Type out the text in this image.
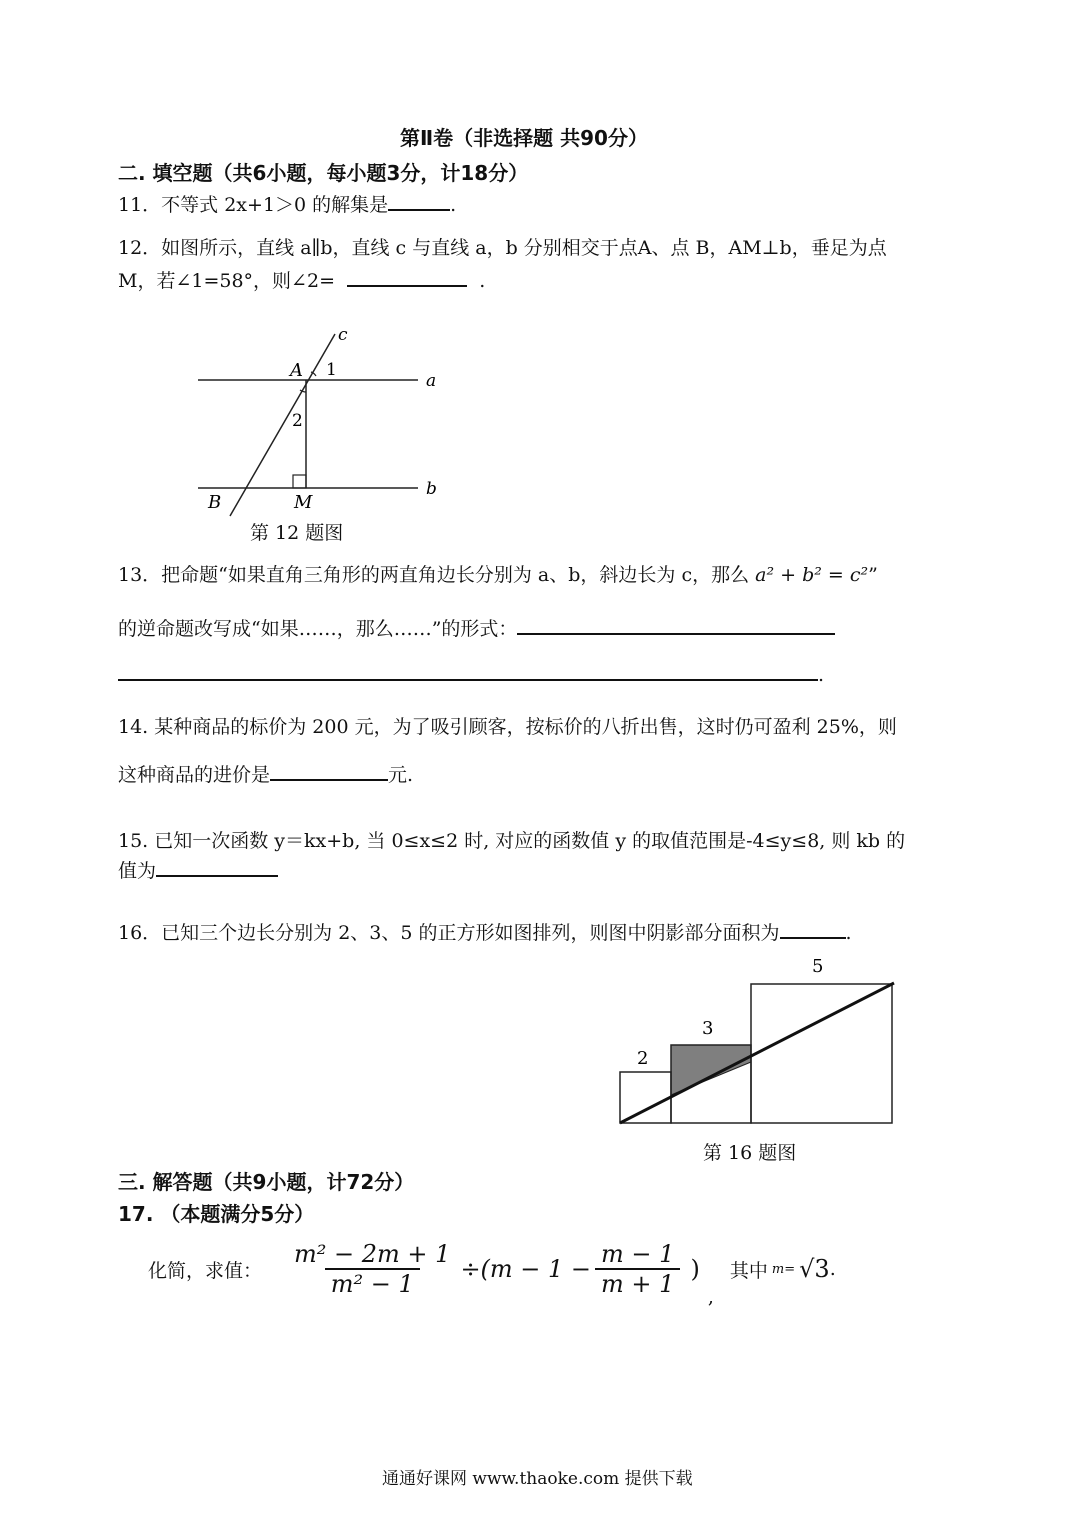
第Ⅱ卷（非选择题 共90分）
二. 填空题（共6小题，每小题3分，计18分）
11．不等式 2x+1＞0 的解集是	.
12．如图所示，直线 a∥b，直线 c 与直线 a，b 分别相交于点A、点 B，AM⊥b，垂足为点
M，若∠1=58°，则∠2=	.
c
A 1
a
2
B	M
b
第 12 题图
13．把命题“如果直角三角形的两直角边长分别为 a、b，斜边长为 c，那么 a² + b² = c²”
的逆命题改写成“如果……，那么……”的形式：
.
14. 某种商品的标价为 200 元，为了吸引顾客，按标价的八折出售，这时仍可盈利 25%，则
这种商品的进价是	元.
15. 已知一次函数 y＝kx+b, 当 0≤x≤2 时, 对应的函数值 y 的取值范围是-4≤y≤8, 则 kb 的
值为
16．已知三个边长分别为 2、3、5 的正方形如图排列，则图中阴影部分面积为	.
2
3
5
第 16 题图
三. 解答题（共9小题，计72分）
17. （本题满分5分）
化简，求值： $\frac{\text{m² − 2m + 1}}{\text{m² − 1}} \div(m - 1 - \frac{m - 1}{m + 1}$ )
,
其中 m= √3 .
通通好课网 www.thaoke.com 提供下载
